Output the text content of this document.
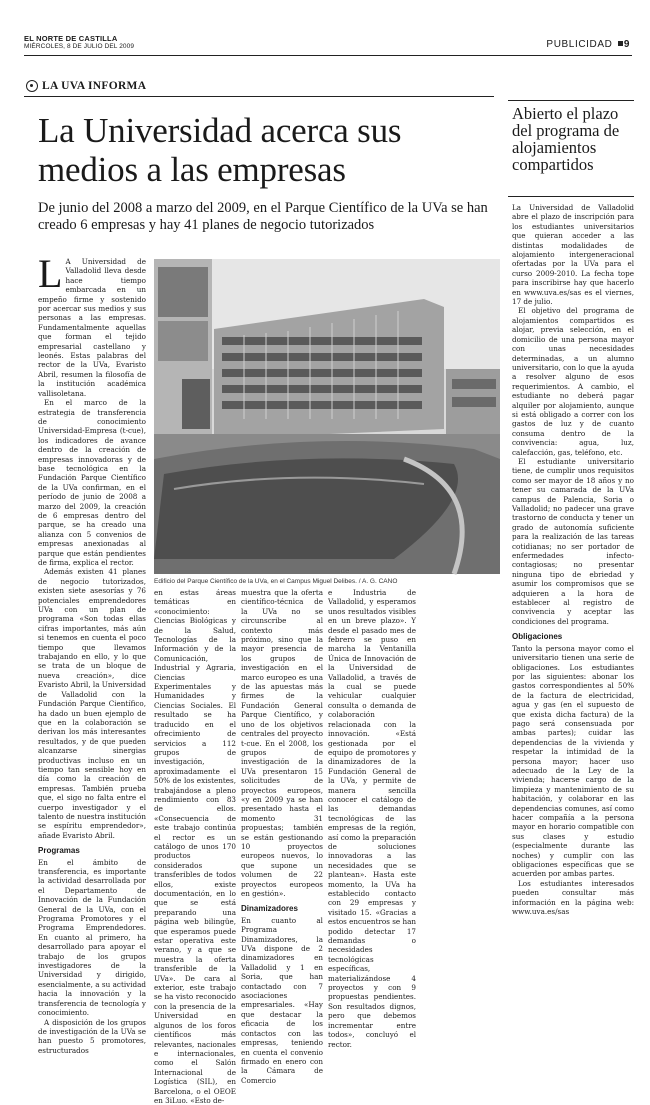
EL NORTE DE CASTILLA
MIÉRCOLES, 8 DE JULIO DEL 2009	PUBLICIDAD 9
LA UVA INFORMA
La Universidad acerca sus medios a las empresas
De junio del 2008 a marzo del 2009, en el Parque Científico de la UVa se han creado 6 empresas y hay 41 planes de negocio tutorizados

L A Universidad de Valladolid lleva desde hace tiempo embarcada en un empeño firme y sostenido por acercar sus medios y sus personas a las empresas. Fundamentalmente aquellas que forman el tejido empresarial castellano y leonés. Estas palabras del rector de la UVa, Evaristo Abril, resumen la filosofía de la institución académica vallisoletana.

En el marco de la estrategia de transferencia de conocimiento Universidad-Empresa (t-cue), los indicadores de avance dentro de la creación de empresas innovadoras y de base tecnológica en la Fundación Parque Científico de la UVa confirman, en el período de junio de 2008 a marzo del 2009, la creación de 6 empresas dentro del parque, se ha creado una alianza con 5 convenios de empresas anexionadas al parque que están pendientes de firma, explica el rector.

Además existen 41 planes de negocio tutorizados, existen siete asesorías y 76 potenciales emprendedores UVa con un plan de programa «Son todas ellas cifras importantes, más aún si tenemos en cuenta el poco tiempo que llevamos trabajando en ello, y lo que se trata de un bloque de nueva creación», dice Evaristo Abril, la Universidad de Valladolid con la Fundación Parque Científico, ha dado un buen ejemplo de que en la colaboración se derivan los más interesantes resultados, y de que pueden alcanzarse sinergias productivas incluso en un tiempo tan sensible hoy en día como la creación de empresas. También prueba que, el sigo no falta entre el cuerpo investigador y el talento de nuestra institución se espíritu emprendedor», añade Evaristo Abril.

Programas

En el ámbito de transferencia, es importante la actividad desarrollada por el Departamento de Innovación de la Fundación General de la UVa, con el Programa Promotores y el Programa Emprendedores. En cuanto al primero, ha desarrollado para apoyar el trabajo de los grupos investigadores de la Universidad y dirigido, esencialmente, a su actividad hacia la innovación y la transferencia de tecnología y conocimiento.

A disposición de los grupos de investigación de la UVa se han puesto 5 promotores, estructurados

Edificio del Parque Científico de la UVa, en el Campus Miguel Delibes. / A. G. CANO

en estas áreas temáticas en «conocimiento: Ciencias Biológicas y de la Salud, Tecnologías de la Información y de la Comunicación, Industrial y Agraria, Ciencias Experimentales y Humanidades y Ciencias Sociales. El resultado se ha traducido en el ofrecimiento de servicios a 112 grupos de investigación, aproximadamente el 50% de los existentes, trabajándose a pleno rendimiento con 83 de ellos. «Consecuencia de este trabajo continúa el rector es un catálogo de unos 170 productos considerados transferibles de todos ellos, existe documentación, en lo que se está preparando una página web bilingüe, que esperamos puede estar operativa este verano, y a que se muestra la oferta transferible de la UVa». De cara al exterior, este trabajo se ha visto reconocido con la presencia de la Universidad en algunos de los foros científicos más relevantes, nacionales e internacionales, como el Salón Internacional de Logística (SIL), en Barcelona, o el OEOE en 3iLuo. «Esto de-

muestra que la oferta científico-técnica de la UVa no se circunscribe al contexto más próximo, sino que la mayor presencia de los grupos de investigación en el marco europeo es una de las apuestas más firmes de la Fundación General Parque Científico, y uno de los objetivos centrales del proyecto t-cue. En el 2008, los grupos de investigación de la UVa presentaron 15 solicitudes de proyectos europeos, «y en 2009 ya se han presentado hasta el momento 31 propuestas; también se están gestionando 10 proyectos europeos nuevos, lo que supone un volumen de 22 proyectos europeos en gestión».

Dinamizadores

En cuanto al Programa Dinamizadores, la UVa dispone de 2 dinamizadores en Valladolid y 1 en Soria, que han contactado con 7 asociaciones empresariales. «Hay que destacar la eficacia de los contactos con las empresas, teniendo en cuenta el convenio firmado en enero con la Cámara de Comercio

e Industria de Valladolid, y esperamos unos resultados visibles en un breve plazo». Y desde el pasado mes de febrero se puso en marcha la Ventanilla Única de Innovación de la Universidad de Valladolid, a través de la cual se puede vehicular cualquier consulta o demanda de colaboración relacionada con la innovación. «Está gestionada por el equipo de promotores y dinamizadores de la Fundación General de la UVa, y permite de manera sencilla conocer el catálogo de las demandas tecnológicas de las empresas de la región, así como la preparación de soluciones innovadoras a las necesidades que se plantean». Hasta este momento, la UVa ha establecido contacto con 29 empresas y visitado 15. «Gracias a estos encuentros se han podido detectar 17 demandas o necesidades tecnológicas específicas, materializándose 4 proyectos y con 9 propuestas pendientes. Son resultados dignos, pero que debemos incrementar entre todos», concluyó el rector.

Abierto el plazo del programa de alojamientos compartidos

La Universidad de Valladolid abre el plazo de inscripción para los estudiantes universitarios que quieran acceder a las distintas modalidades de alojamiento intergeneracional ofertadas por la UVa para el curso 2009-2010. La fecha tope para inscribirse hay que hacerlo en www.uva.es/sas es el viernes, 17 de julio.

El objetivo del programa de alojamientos compartidos es alojar, previa selección, en el domicilio de una persona mayor con unas necesidades determinadas, a un alumno universitario, con lo que la ayuda a resolver alguno de esos requerimientos. A cambio, el estudiante no deberá pagar alquiler por alojamiento, aunque si está obligado a correr con los gastos de luz y de cuanto consuma dentro de la convivencia: agua, luz, calefacción, gas, teléfono, etc.

El estudiante universitario tiene, de cumplir unos requisitos como ser mayor de 18 años y no tener su camarada de la UVa campus de Palencia, Soria o Valladolid; no padecer una grave trastorno de conducta y tener un grado de autonomía suficiente para la realización de las tareas cotidianas; no ser portador de enfermedades infecto-contagiosas; no presentar ninguna tipo de ebriedad y asumir los compromisos que se adquieren a la hora de establecer al registro de convivencia y aceptar las condiciones del programa.

Obligaciones

Tanto la persona mayor como el universitario tienen una serie de obligaciones. Los estudiantes por las siguientes: abonar los gastos correspondientes al 50% de la factura de electricidad, agua y gas (en el supuesto de que exista dicha factura) de la pago será consensuada por ambas partes); cuidar las dependencias de la vivienda y respetar la intimidad de la persona mayor; hacer uso adecuado de la Ley de la vivienda; hacerse cargo de la limpieza y mantenimiento de su habitación, y colaborar en las dependencias comunes, así como hacer compañía a la persona mayor en horario compatible con sus clases y estudio (especialmente durante las noches) y cumplir con las obligaciones específicas que se acuerden por ambas partes.

Los estudiantes interesados pueden consultar más información en la página web: www.uva.es/sas
